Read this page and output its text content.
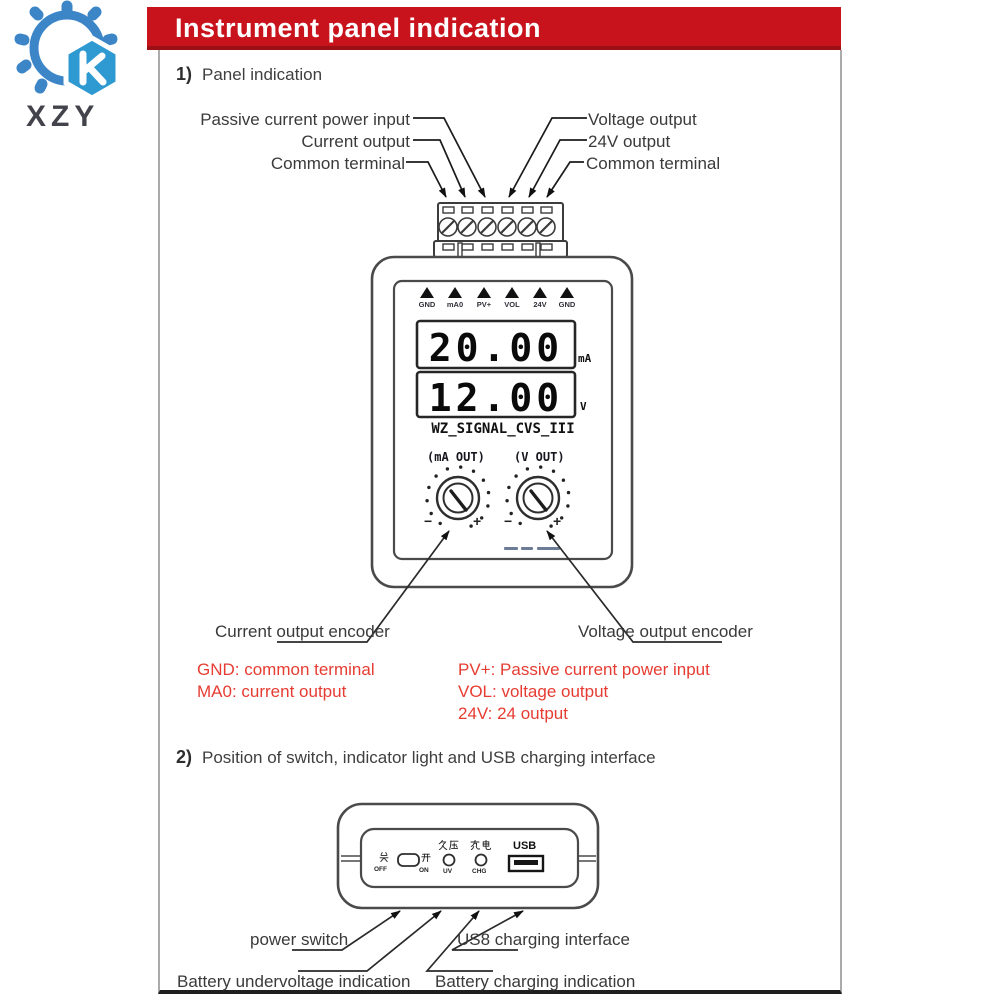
XZY
Instrument panel indication
1) Panel indication
Passive current power input
Current output
Common terminal
Voltage output
24V output
Common terminal
GND	mA0	PV+	VOL	24V	GND
20.00	mA
12.00	V
WZ_SIGNAL_CVS_III
(mA OUT) (V OUT)
−	+ −	+
Current output encoder	Voltage output encoder
GND: common terminal
MA0: current output
PV+: Passive current power input
VOL: voltage output
24V: 24 output
2) Position of switch, indicator light and USB charging interface
OFF	ON UV	CHG
USB
power switch	US8 charging interface
Battery undervoltage indication Battery charging indication
